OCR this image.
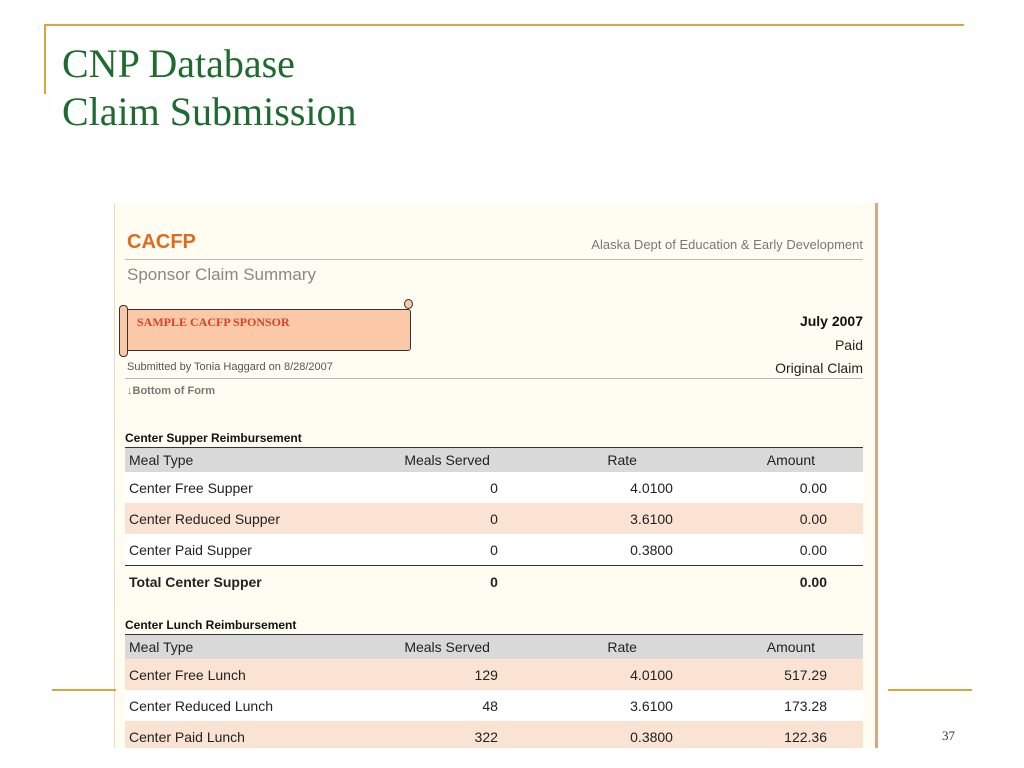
CNP Database
Claim Submission
CACFP	Alaska Dept of Education & Early Development
Sponsor Claim Summary
SAMPLE CACFP SPONSOR	July 2007
Paid
Submitted by Tonia Haggard on 8/28/2007	Original Claim
↓Bottom of Form
Center Supper Reimbursement
Meal Type	Meals Served	Rate	Amount
Center Free Supper	0	4.0100	0.00
Center Reduced Supper	0	3.6100	0.00
Center Paid Supper	0	0.3800	0.00
Total Center Supper	0		0.00
Center Lunch Reimbursement
Meal Type	Meals Served	Rate	Amount
Center Free Lunch	129	4.0100	517.29
Center Reduced Lunch	48	3.6100	173.28
Center Paid Lunch	322	0.3800	122.36	37
